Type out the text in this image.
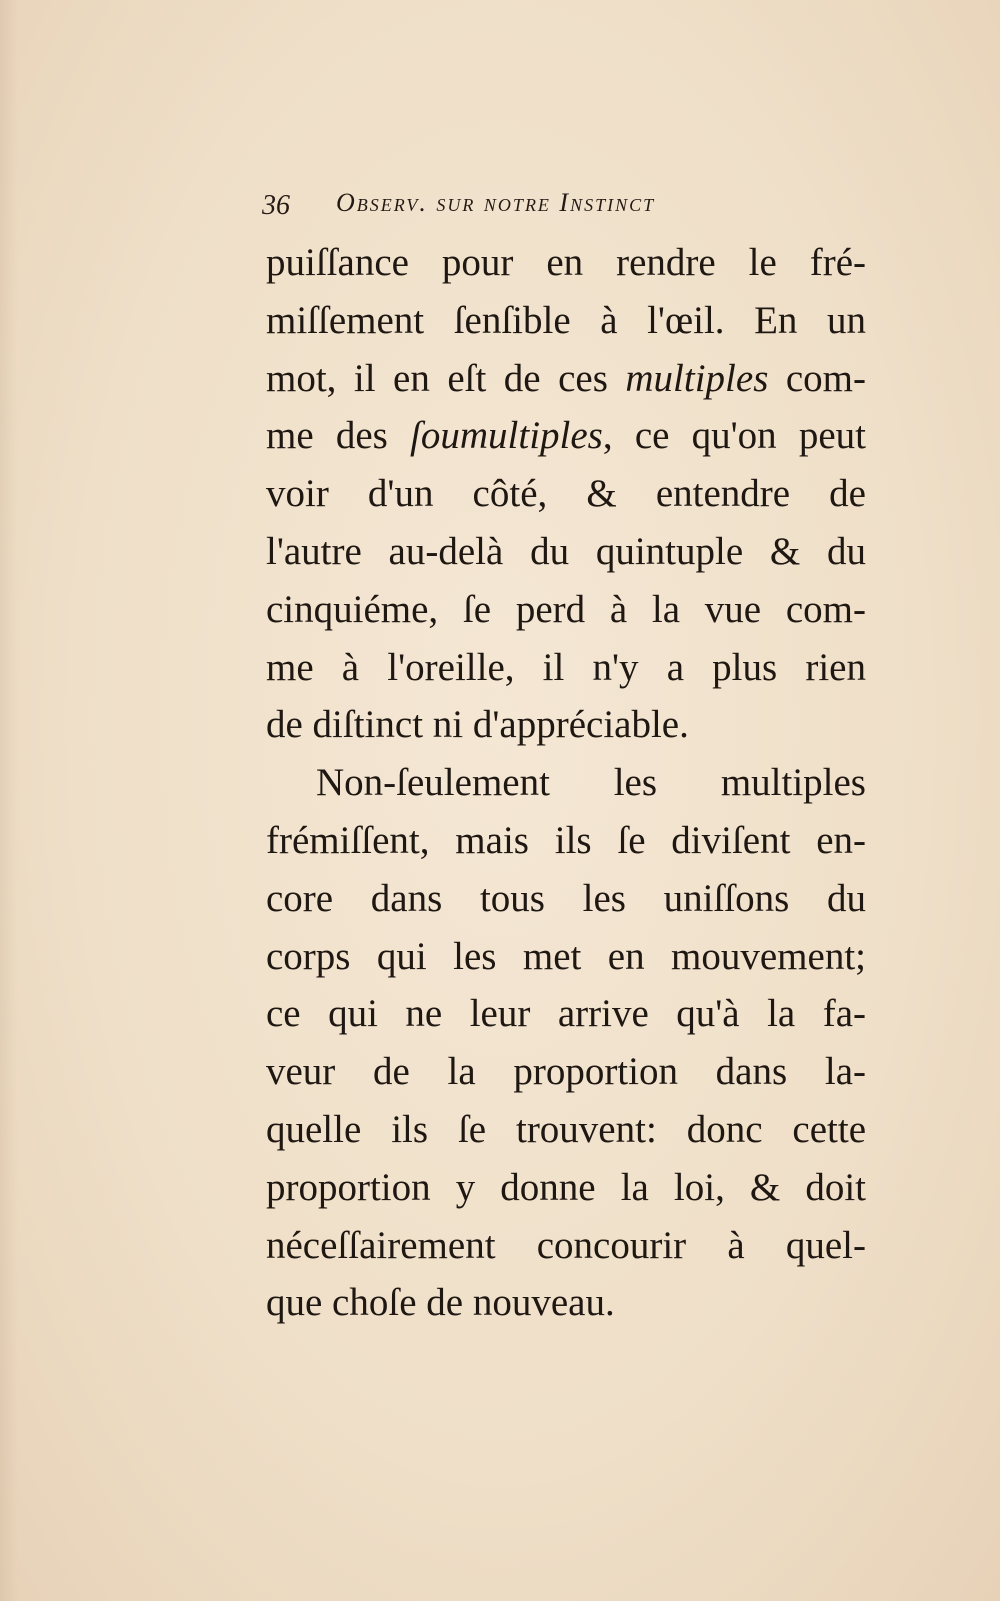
36 Observ. sur notre Instinct
puiſſance pour en rendre le fré-
miſſement ſenſible à l'œil. En un
mot, il en eſt de ces multiples com-
me des ſoumultiples, ce qu'on peut
voir d'un côté, & entendre de
l'autre au-delà du quintuple & du
cinquiéme, ſe perd à la vue com-
me à l'oreille, il n'y a plus rien
de diſtinct ni d'appréciable.
Non-ſeulement les multiples
frémiſſent, mais ils ſe diviſent en-
core dans tous les uniſſons du
corps qui les met en mouvement;
ce qui ne leur arrive qu'à la fa-
veur de la proportion dans la-
quelle ils ſe trouvent: donc cette
proportion y donne la loi, & doit
néceſſairement concourir à quel-
que choſe de nouveau.
